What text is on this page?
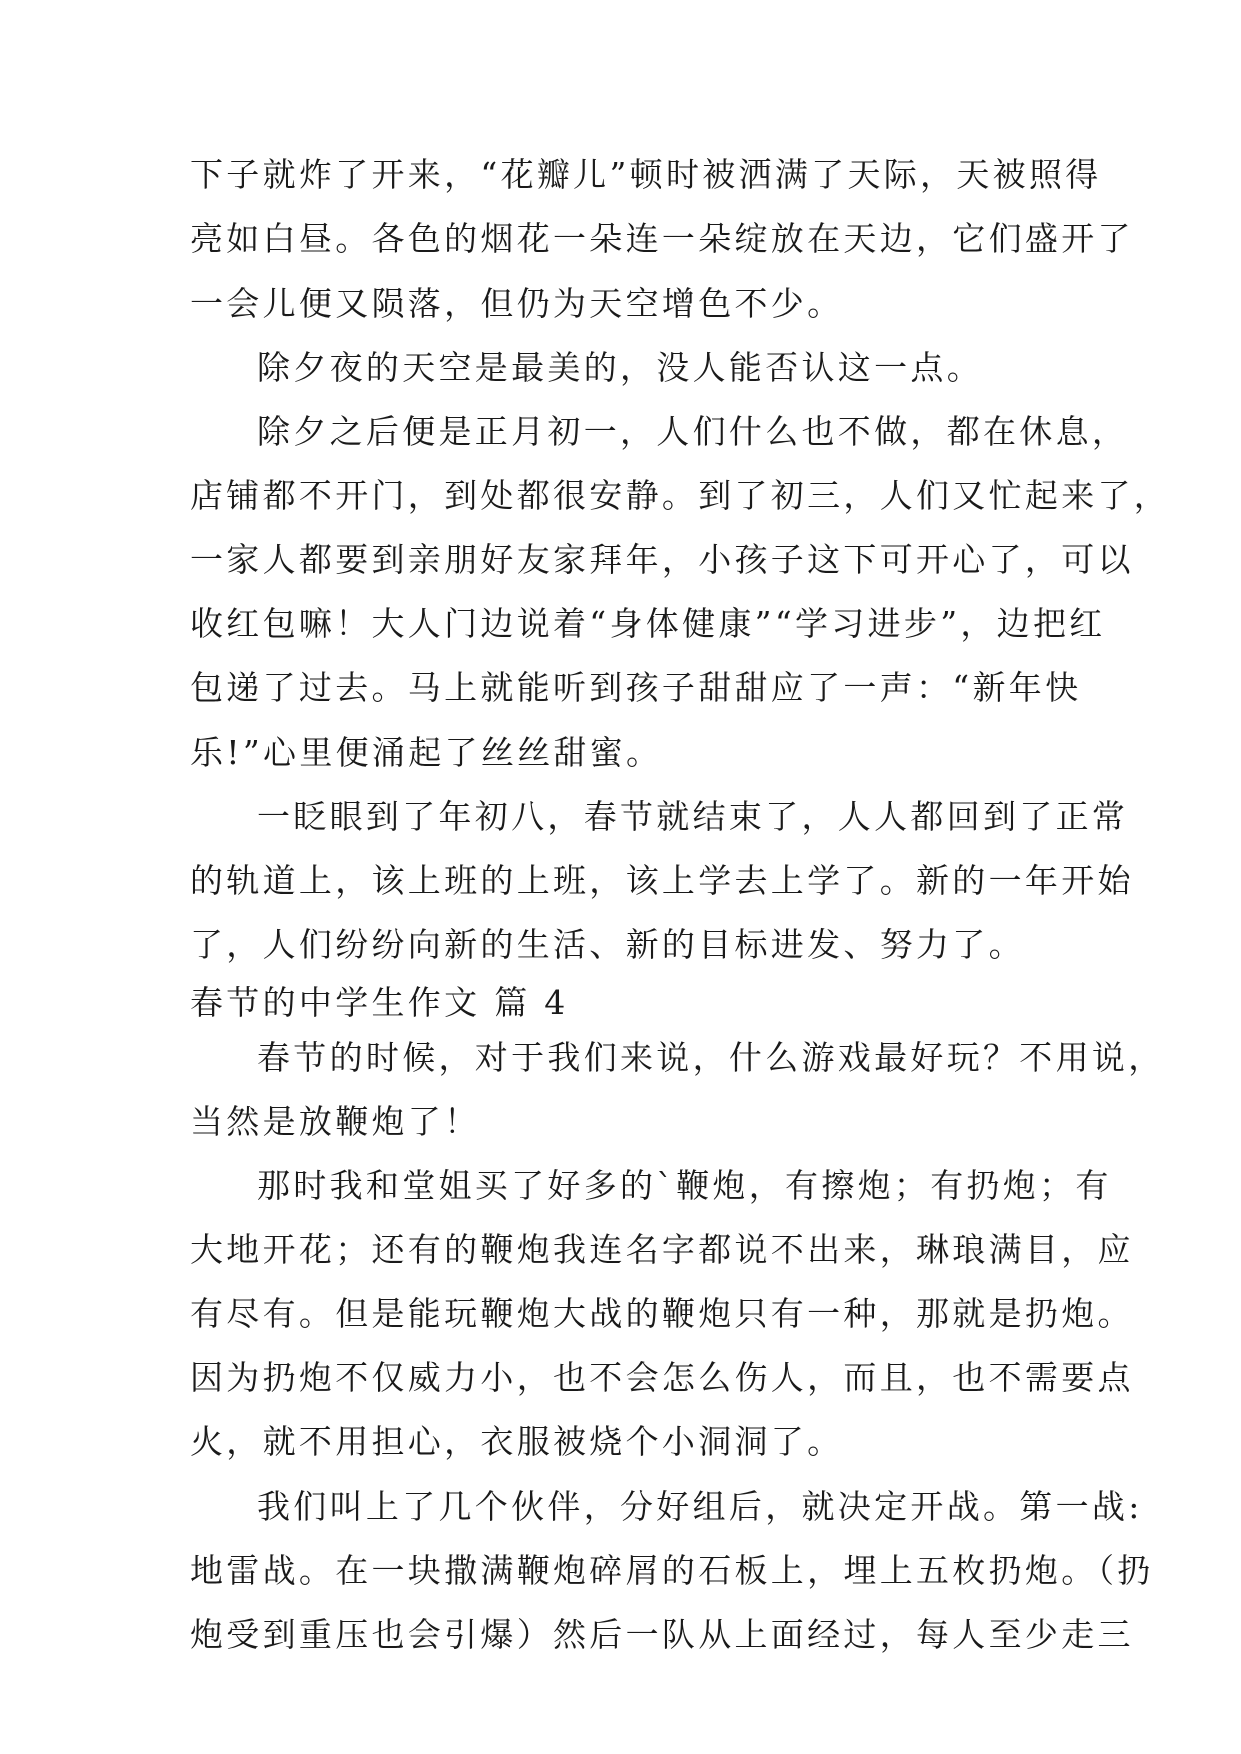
下子就炸了开来，“花瓣儿”顿时被洒满了天际，天被照得
亮如白昼。各色的烟花一朵连一朵绽放在天边，它们盛开了
一会儿便又陨落，但仍为天空增色不少。
除夕夜的天空是最美的，没人能否认这一点。
除夕之后便是正月初一，人们什么也不做，都在休息，
店铺都不开门，到处都很安静。到了初三，人们又忙起来了，
一家人都要到亲朋好友家拜年，小孩子这下可开心了，可以
收红包嘛！大人门边说着“身体健康”“学习进步”，边把红
包递了过去。马上就能听到孩子甜甜应了一声：“新年快
乐!”心里便涌起了丝丝甜蜜。
一眨眼到了年初八，春节就结束了，人人都回到了正常
的轨道上，该上班的上班，该上学去上学了。新的一年开始
了，人们纷纷向新的生活、新的目标进发、努力了。
春节的中学生作文 篇 4
春节的时候，对于我们来说，什么游戏最好玩？不用说，
当然是放鞭炮了！
那时我和堂姐买了好多的`鞭炮，有擦炮；有扔炮；有
大地开花；还有的鞭炮我连名字都说不出来，琳琅满目，应
有尽有。但是能玩鞭炮大战的鞭炮只有一种，那就是扔炮。
因为扔炮不仅威力小，也不会怎么伤人，而且，也不需要点
火，就不用担心，衣服被烧个小洞洞了。
我们叫上了几个伙伴，分好组后，就决定开战。第一战:
地雷战。在一块撒满鞭炮碎屑的石板上，埋上五枚扔炮。（扔
炮受到重压也会引爆）然后一队从上面经过，每人至少走三
